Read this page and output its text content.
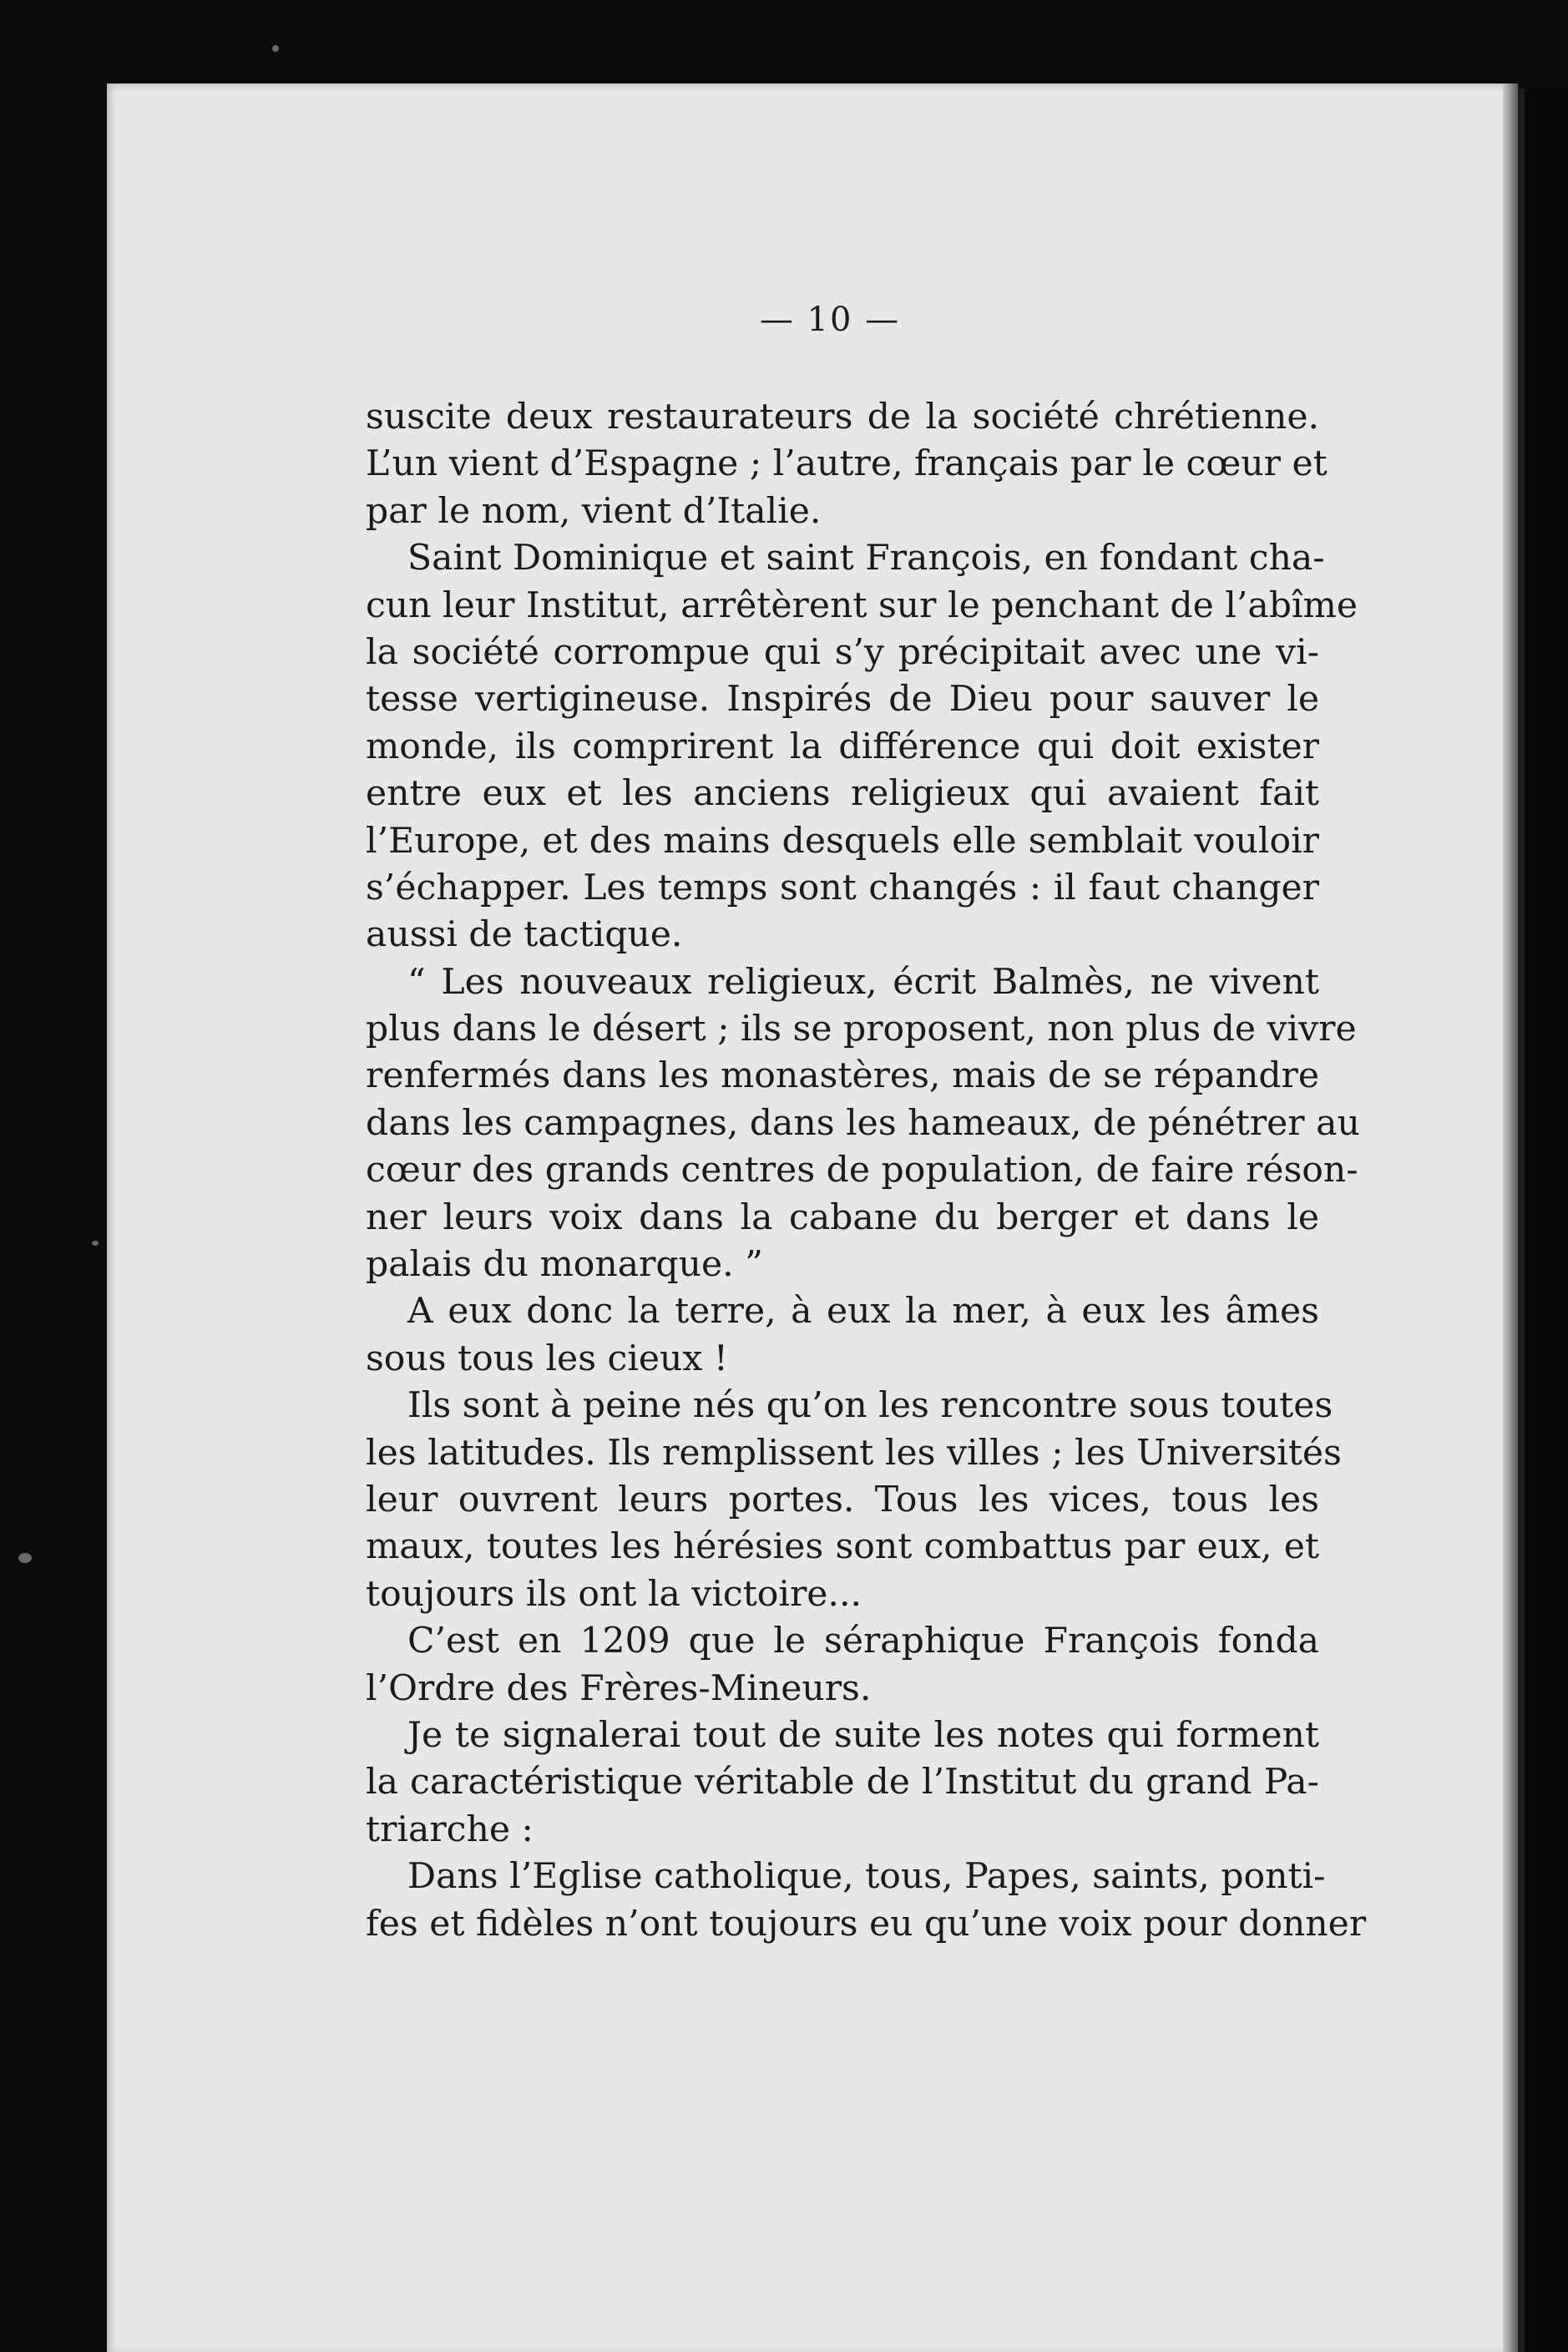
— 10 —
suscite deux restaurateurs de la société chrétienne.
L’un vient d’Espagne ; l’autre, français par le cœur et
par le nom, vient d’Italie.
Saint Dominique et saint François, en fondant cha-
cun leur Institut, arrêtèrent sur le penchant de l’abîme
la société corrompue qui s’y précipitait avec une vi-
tesse vertigineuse. Inspirés de Dieu pour sauver le
monde, ils comprirent la différence qui doit exister
entre eux et les anciens religieux qui avaient fait
l’Europe, et des mains desquels elle semblait vouloir
s’échapper. Les temps sont changés : il faut changer
aussi de tactique.
“ Les nouveaux religieux, écrit Balmès, ne vivent
plus dans le désert ; ils se proposent, non plus de vivre
renfermés dans les monastères, mais de se répandre
dans les campagnes, dans les hameaux, de pénétrer au
cœur des grands centres de population, de faire réson-
ner leurs voix dans la cabane du berger et dans le
palais du monarque. ”
A eux donc la terre, à eux la mer, à eux les âmes
sous tous les cieux !
Ils sont à peine nés qu’on les rencontre sous toutes
les latitudes. Ils remplissent les villes ; les Universités
leur ouvrent leurs portes. Tous les vices, tous les
maux, toutes les hérésies sont combattus par eux, et
toujours ils ont la victoire...
C’est en 1209 que le séraphique François fonda
l’Ordre des Frères-Mineurs.
Je te signalerai tout de suite les notes qui forment
la caractéristique véritable de l’Institut du grand Pa-
triarche :
Dans l’Eglise catholique, tous, Papes, saints, ponti-
fes et fidèles n’ont toujours eu qu’une voix pour donner
